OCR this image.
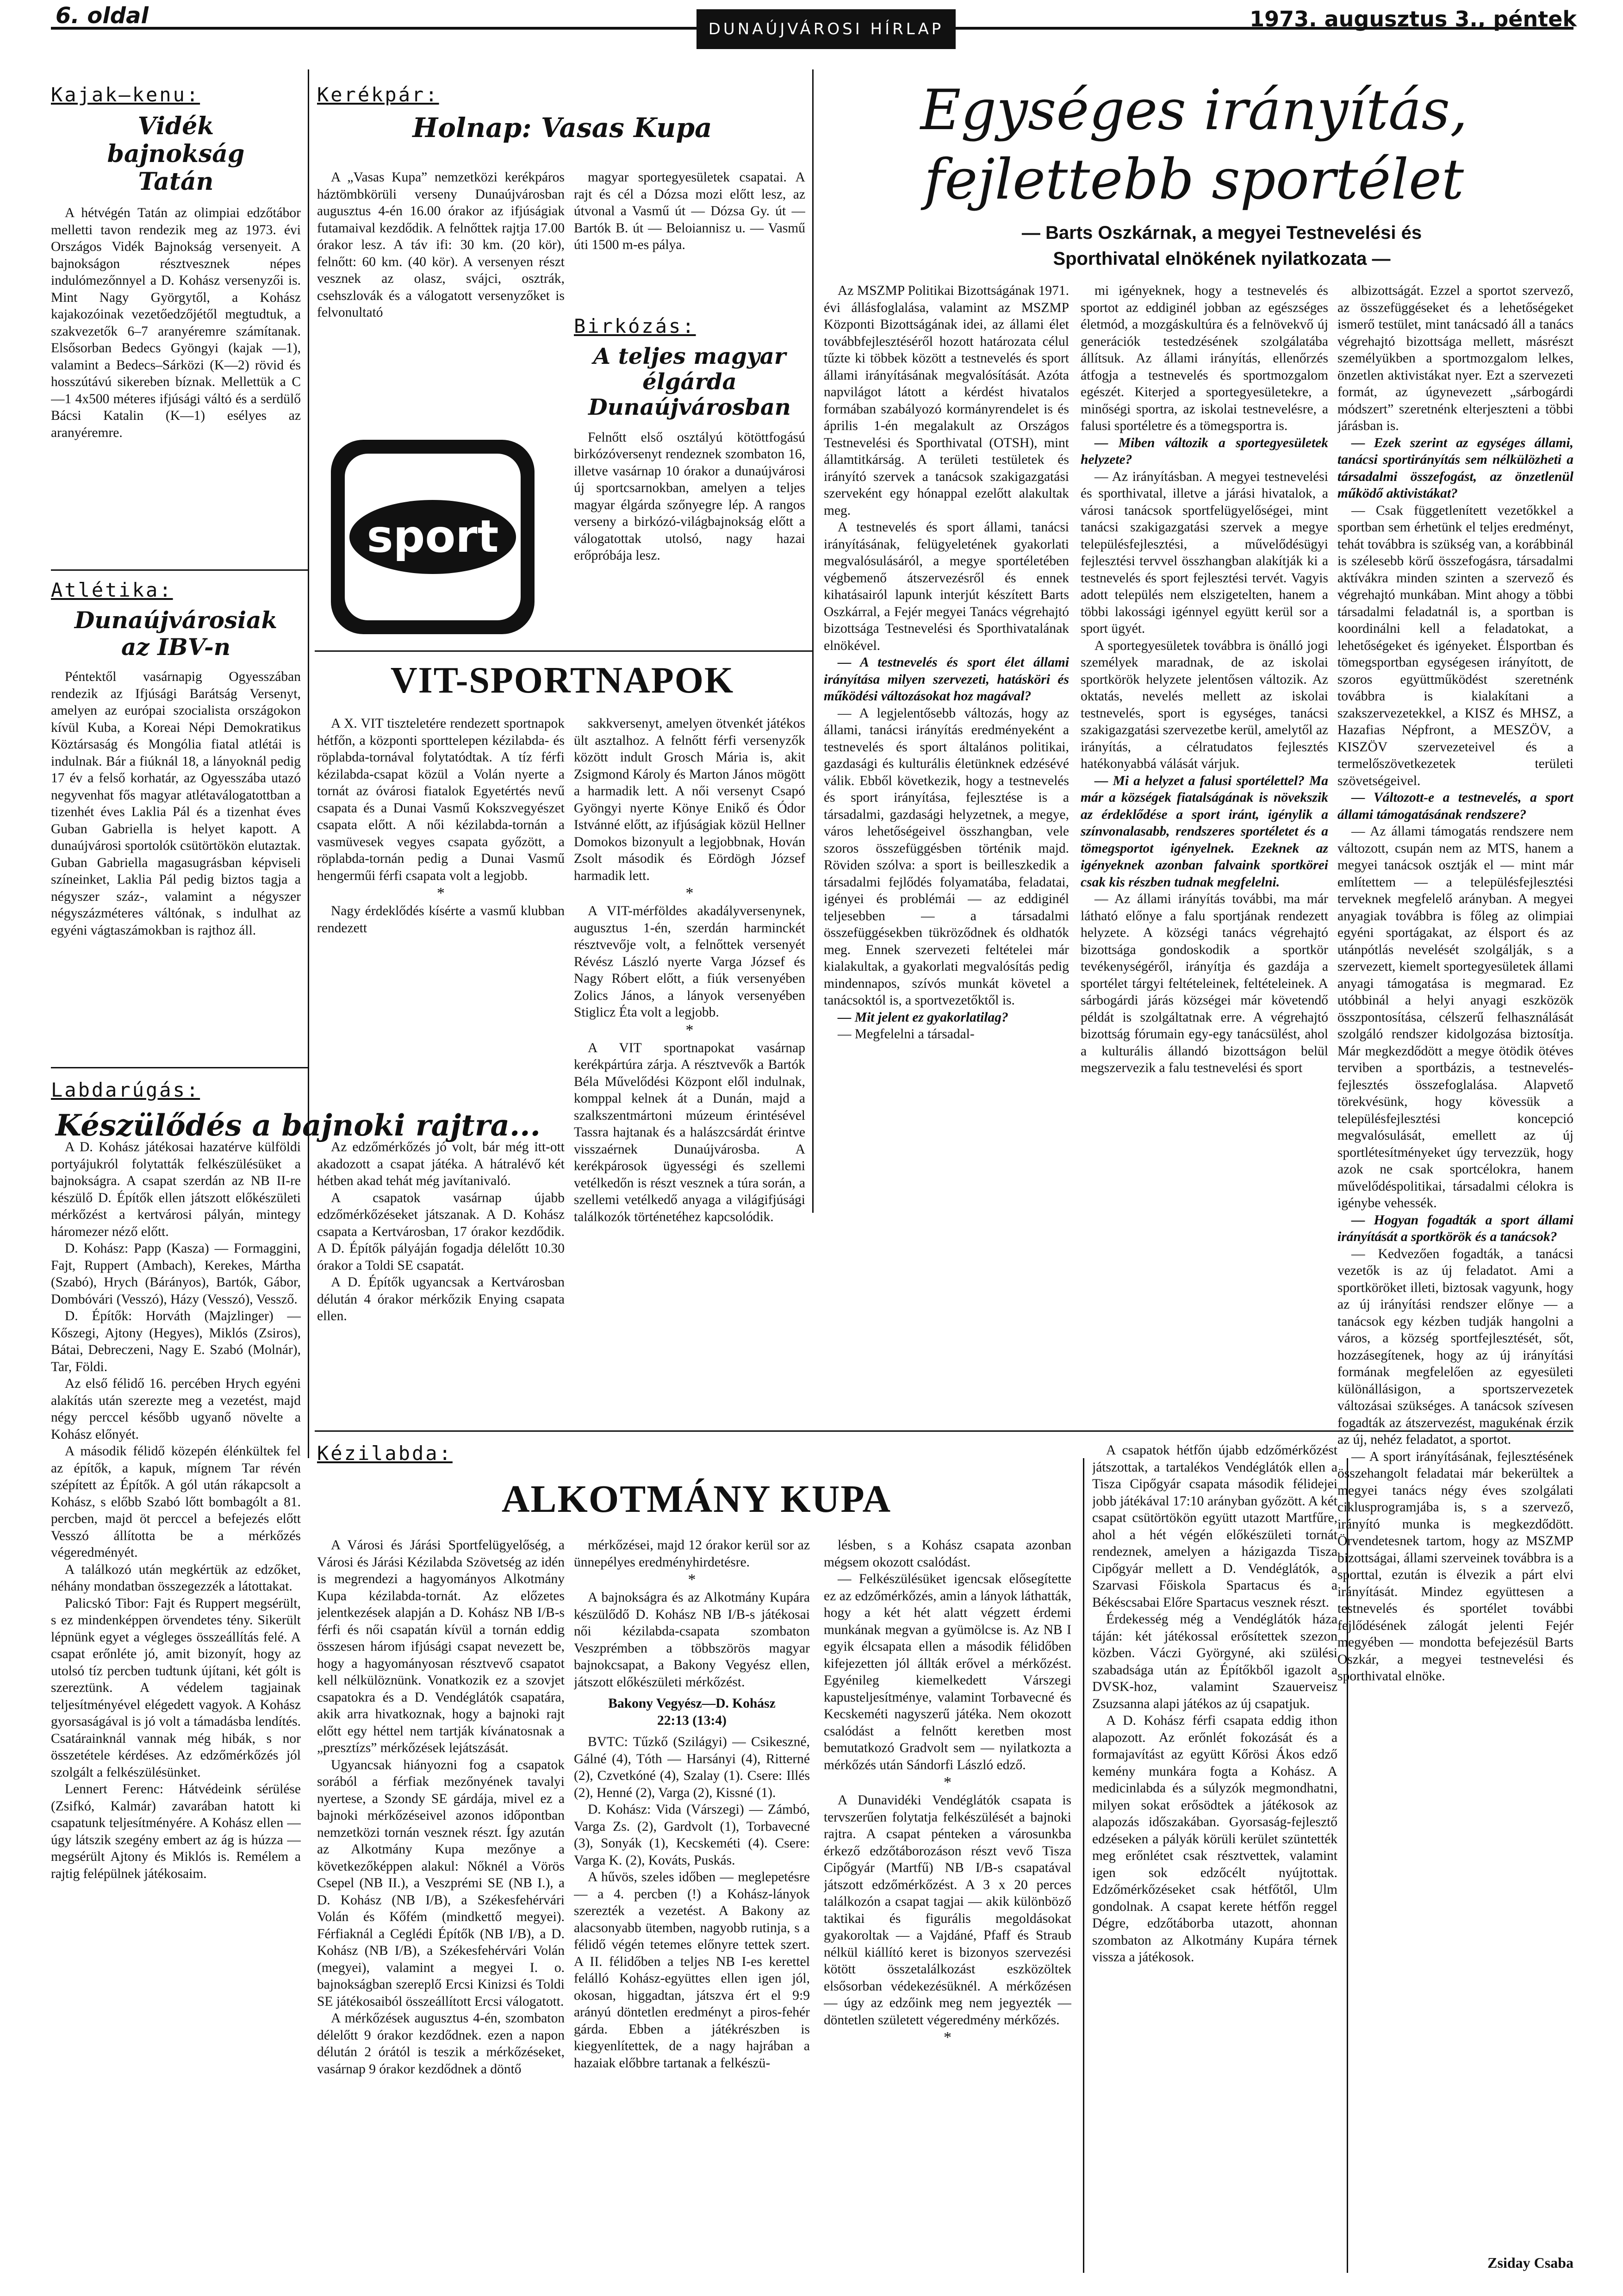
6. oldal
DUNAÚJVÁROSI HÍRLAP	1973. augusztus 3., péntek
Kajak–kenu:
Vidék bajnokság Tatán

A hétvégén Tatán az olimpiai edzőtábor melletti tavon rendezik meg az 1973. évi Országos Vidék Bajnokság versenyeit. A bajnokságon résztvesznek népes indulómezőnnyel a D. Kohász versenyzői is. Mint Nagy Györgytől, a Kohász kajakozóinak vezetőedzőjétől megtudtuk, a szakvezetők 6–7 aranyéremre számítanak. Elsősorban Bedecs Gyöngyi (kajak —1), valamint a Bedecs–Sárközi (K—2) rövid és hosszútávú sikereben bíznak. Mellettük a C—1 4x500 méteres ifjúsági váltó és a serdülő Bácsi Katalin (K—1) esélyes az aranyéremre.

Atlétika:
Dunaújvárosiak az IBV-n

Péntektől vasárnapig Ogyesszában rendezik az Ifjúsági Barátság Versenyt, amelyen az európai szocialista országokon kívül Kuba, a Koreai Népi Demokratikus Köztársaság és Mongólia fiatal atlétái is indulnak. Bár a fiúknál 18, a lányoknál pedig 17 év a felső korhatár, az Ogyesszába utazó negyvenhat fős magyar atlétaválogatottban a tizenhét éves Laklia Pál és a tizenhat éves Guban Gabriella is helyet kapott. A dunaújvárosi sportolók csütörtökön elutaztak. Guban Gabriella magasugrásban képviseli színeinket, Laklia Pál pedig biztos tagja a négyszer száz-, valamint a négyszer négyszázméteres váltónak, s indulhat az egyéni vágtaszámokban is rajthoz áll.

Labdarúgás:
Készülődés a bajnoki rajtra...

A D. Kohász játékosai hazatérve külföldi portyájukról folytatták felkészülésüket a bajnokságra. A csapat szerdán az NB II-re készülő D. Építők ellen játszott előkészületi mérkőzést a kertvárosi pályán, mintegy háromezer néző előtt.

D. Kohász: Papp (Kasza) — Formaggini, Fajt, Ruppert (Ambach), Kerekes, Mártha (Szabó), Hrych (Bárányos), Bartók, Gábor, Dombóvári (Vesszó), Házy (Vesszó), Vessző.

D. Építők: Horváth (Majzlinger) — Kőszegi, Ajtony (Hegyes), Miklós (Zsiros), Bátai, Debreczeni, Nagy E. Szabó (Molnár), Tar, Földi.

Az első félidő 16. percében Hrych egyéni alakítás után szerezte meg a vezetést, majd négy perccel később ugyanő növelte a Kohász előnyét.

A második félidő közepén élénkültek fel az építők, a kapuk, mígnem Tar révén szépített az Építők. A gól után rákapcsolt a Kohász, s előbb Szabó lőtt bombagólt a 81. percben, majd öt perccel a befejezés előtt Vesszó állította be a mérkőzés végeredményét.

A találkozó után megkértük az edzőket, néhány mondatban összegezzék a látottakat.

Palicskó Tibor: Fajt és Ruppert megsérült, s ez mindenképpen örvendetes tény. Sikerült lépnünk egyet a végleges összeállítás felé. A csapat erőnléte jó, amit bizonyít, hogy az utolsó tíz percben tudtunk újítani, két gólt is szereztünk. A védelem tagjainak teljesítményével elégedett vagyok. A Kohász gyorsaságával is jó volt a támadásba lendítés. Csatárainknál vannak még hibák, s nor összetétele kérdéses. Az edzőmérkőzés jól szolgált a felkészülésünket.

Lennert Ferenc: Hátvédeink sérülése (Zsifkó, Kalmár) zavarában hatott ki csapatunk teljesítményére. A Kohász ellen — úgy látszik szegény embert az ág is húzza — megsérült Ajtony és Miklós is. Remélem a rajtig felépülnek játékosaim.

Az edzőmérkőzés jó volt, bár még itt-ott akadozott a csapat játéka. A hátralévő két hétben akad tehát még javítanivaló.

A csapatok vasárnap újabb edzőmérkőzéseket játszanak. A D. Kohász csapata a Kertvárosban, 17 órakor kezdődik. A D. Építők pályáján fogadja délelőtt 10.30 órakor a Toldi SE csapatát.

A D. Építők ugyancsak a Kertvárosban délután 4 órakor mérkőzik Enying csapata ellen.

Kerékpár:
Holnap: Vasas Kupa

A „Vasas Kupa” nemzetközi kerékpáros háztömbkörüli verseny Dunaújvárosban augusztus 4-én 16.00 órakor az ifjúságiak futamaival kezdődik. A felnőttek rajtja 17.00 órakor lesz. A táv ifi: 30 km. (20 kör), felnőtt: 60 km. (40 kör). A versenyen részt vesznek az olasz, svájci, osztrák, csehszlovák és a válogatott versenyzőket is felvonultató

magyar sportegyesületek csapatai. A rajt és cél a Dózsa mozi előtt lesz, az útvonal a Vasmű út — Dózsa Gy. út — Bartók B. út — Beloiannisz u. — Vasmű úti 1500 m-es pálya.

sport
Birkózás:
A teljes magyar élgárda Dunaújvárosban

Felnőtt első osztályú kötöttfogású birkózóversenyt rendeznek szombaton 16, illetve vasárnap 10 órakor a dunaújvárosi új sportcsarnokban, amelyen a teljes magyar élgárda szőnyegre lép. A rangos verseny a birkózó-világbajnokság előtt a válogatottak utolsó, nagy hazai erőpróbája lesz.

VIT-SPORTNAPOK

A X. VIT tiszteletére rendezett sportnapok hétfőn, a központi sporttelepen kézilabda- és röplabda-tornával folytatódtak. A tíz férfi kézilabda-csapat közül a Volán nyerte a tornát az óvárosi fiatalok Egyetértés nevű csapata és a Dunai Vasmű Kokszvegyészet csapata előtt. A női kézilabda-tornán a vasmüvesek vegyes csapata győzött, a röplabda-tornán pedig a Dunai Vasmű hengerműi férfi csapata volt a legjobb.

*

Nagy érdeklődés kísérte a vasmű klubban rendezett

sakkversenyt, amelyen ötvenkét játékos ült asztalhoz. A felnőtt férfi versenyzők között indult Grosch Mária is, akit Zsigmond Károly és Marton János mögött a harmadik lett. A női versenyt Csapó Gyöngyi nyerte Könye Enikő és Ódor Istvánné előtt, az ifjúságiak közül Hellner Domokos bizonyult a legjobbnak, Hován Zsolt második és Eördögh József harmadik lett.

*

A VIT-mérföldes akadályversenynek, augusztus 1-én, szerdán harminckét résztvevője volt, a felnőttek versenyét Révész László nyerte Varga József és Nagy Róbert előtt, a fiúk versenyében Zolics János, a lányok versenyében Stiglicz Éta volt a legjobb.

*

A VIT sportnapokat vasárnap kerékpártúra zárja. A résztvevők a Bartók Béla Művelődési Központ elől indulnak, komppal kelnek át a Dunán, majd a szalkszentmártoni múzeum érintésével Tassra hajtanak és a halászcsárdát érintve visszaérnek Dunaújvárosba. A kerékpárosok ügyességi és szellemi vetélkedőn is részt vesznek a túra során, a szellemi vetélkedő anyaga a világifjúsági találkozók történetéhez kapcsolódik.

Egységes irányítás,
fejlettebb sportélet
— Barts Oszkárnak, a megyei Testnevelési és Sporthivatal elnökének nyilatkozata —

Az MSZMP Politikai Bizottságának 1971. évi állásfoglalása, valamint az MSZMP Központi Bizottságának idei, az állami élet továbbfejlesztéséről hozott határozata célul tűzte ki többek között a testnevelés és sport állami irányításának megvalósítását. Azóta napvilágot látott a kérdést hivatalos formában szabályozó kormányrendelet is és április 1-én megalakult az Országos Testnevelési és Sporthivatal (OTSH), mint államtitkárság. A területi testületek és irányító szervek a tanácsok szakigazgatási szerveként egy hónappal ezelőtt alakultak meg.

A testnevelés és sport állami, tanácsi irányításának, felügyeletének gyakorlati megvalósulásáról, a megye sportéletében végbemenő átszervezésről és ennek kihatásairól lapunk interjút készített Barts Oszkárral, a Fejér megyei Tanács végrehajtó bizottsága Testnevelési és Sporthivatalának elnökével.

— A testnevelés és sport élet állami irányítása milyen szervezeti, hatásköri és működési változásokat hoz magával?

— A legjelentősebb változás, hogy az állami, tanácsi irányítás eredményeként a testnevelés és sport általános politikai, gazdasági és kulturális életünknek edzésévé válik. Ebből következik, hogy a testnevelés és sport irányítása, fejlesztése is a társadalmi, gazdasági helyzetnek, a megye, város lehetőségeivel összhangban, vele szoros összefüggésben történik majd. Röviden szólva: a sport is beilleszkedik a társadalmi fejlődés folyamatába, feladatai, igényei és problémái — az eddiginél teljesebben — a társadalmi összefüggésekben tükröződnek és oldhatók meg. Ennek szervezeti feltételei már kialakultak, a gyakorlati megvalósítás pedig mindennapos, szívós munkát követel a tanácsoktól is, a sportvezetőktől is.

— Mit jelent ez gyakorlatilag?

— Megfelelni a társadal-

mi igényeknek, hogy a testnevelés és sportot az eddiginél jobban az egészséges életmód, a mozgáskultúra és a felnövekvő új generációk testedzésének szolgálatába állítsuk. Az állami irányítás, ellenőrzés átfogja a testnevelés és sportmozgalom egészét. Kiterjed a sportegyesületekre, a minőségi sportra, az iskolai testnevelésre, a falusi sportéletre és a tömegsportra is.

— Miben változik a sportegyesületek helyzete?

— Az irányításban. A megyei testnevelési és sporthivatal, illetve a járási hivatalok, a városi tanácsok sportfelügyelőségei, mint tanácsi szakigazgatási szervek a megye településfejlesztési, a művelődésügyi fejlesztési tervvel összhangban alakítják ki a testnevelés és sport fejlesztési tervét. Vagyis adott település nem elszigetelten, hanem a többi lakossági igénnyel együtt kerül sor a sport ügyét.

A sportegyesületek továbbra is önálló jogi személyek maradnak, de az iskolai sportkörök helyzete jelentősen változik. Az oktatás, nevelés mellett az iskolai testnevelés, sport is egységes, tanácsi szakigazgatási szervezetbe kerül, amelytől az irányítás, a célratudatos fejlesztés hatékonyabbá válását várjuk.

— Mi a helyzet a falusi sportélettel? Ma már a községek fiatalságának is növekszik az érdeklődése a sport iránt, igénylik a színvonalasabb, rendszeres sportéletet és a tömegsportot igényelnek. Ezeknek az igényeknek azonban falvaink sportkörei csak kis részben tudnak megfelelni.

— Az állami irányítás további, ma már látható előnye a falu sportjának rendezett helyzete. A községi tanács végrehajtó bizottsága gondoskodik a sportkör tevékenységéről, irányítja és gazdája a sportélet tárgyi feltételeinek, feltételeinek. A sárbogárdi járás községei már követendő példát is szolgáltatnak erre. A végrehajtó bizottság fórumain egy-egy tanácsülést, ahol a kulturális állandó bizottságon belül megszervezik a falu testnevelési és sport

albizottságát. Ezzel a sportot szervező, az összefüggéseket és a lehetőségeket ismerő testület, mint tanácsadó áll a tanács végrehajtó bizottsága mellett, másrészt személyükben a sportmozgalom lelkes, önzetlen aktivistákat nyer. Ezt a szervezeti formát, az úgynevezett „sárbogárdi módszert” szeretnénk elterjeszteni a többi járásban is.

— Ezek szerint az egységes állami, tanácsi sportirányítás sem nélkülözheti a társadalmi összefogást, az önzetlenül működő aktivistákat?

— Csak függetlenített vezetőkkel a sportban sem érhetünk el teljes eredményt, tehát továbbra is szükség van, a korábbinál is szélesebb körű összefogásra, társadalmi aktívákra minden szinten a szervező és végrehajtó munkában. Mint ahogy a többi társadalmi feladatnál is, a sportban is koordinálni kell a feladatokat, a lehetőségeket és igényeket. Élsportban és tömegsportban egységesen irányított, de szoros együttműködést szeretnénk továbbra is kialakítani a szakszervezetekkel, a KISZ és MHSZ, a Hazafias Népfront, a MESZÖV, a KISZÖV szervezeteivel és a termelőszövetkezetek területi szövetségeivel.

— Változott-e a testnevelés, a sport állami támogatásának rendszere?

— Az állami támogatás rendszere nem változott, csupán nem az MTS, hanem a megyei tanácsok osztják el — mint már említettem — a településfejlesztési terveknek megfelelő arányban. A megyei anyagiak továbbra is főleg az olimpiai egyéni sportágakat, az élsport és az utánpótlás nevelését szolgálják, s a szervezett, kiemelt sportegyesületek állami anyagi támogatása is megmarad. Ez utóbbinál a helyi anyagi eszközök összpontosítása, célszerű felhasználását szolgáló rendszer kidolgozása biztosítja. Már megkezdődött a megye ötödik ötéves terviben a sportbázis, a testnevelés-fejlesztés összefoglalása. Alapvető törekvésünk, hogy kövessük a településfejlesztési koncepció megvalósulását, emellett az új sportlétesítményeket úgy tervezzük, hogy azok ne csak sportcélokra, hanem művelődéspolitikai, társadalmi célokra is igénybe vehessék.

— Hogyan fogadták a sport állami irányítását a sportkörök és a tanácsok?

— Kedvezően fogadták, a tanácsi vezetők is az új feladatot. Ami a sportköröket illeti, biztosak vagyunk, hogy az új irányítási rendszer előnye — a tanácsok egy kézben tudják hangolni a város, a község sportfejlesztését, sőt, hozzásegítenek, hogy az új irányítási formának megfelelően az egyesületi különállásigon, a sportszervezetek változásai szükséges. A tanácsok szívesen fogadták az átszervezést, magukénak érzik az új, nehéz feladatot, a sportot.

— A sport irányításának, fejlesztésének összehangolt feladatai már bekerültek a megyei tanács négy éves szolgálati ciklusprogramjába is, s a szervező, irányító munka is megkezdődött. Örvendetesnek tartom, hogy az MSZMP bizottságai, állami szerveinek továbbra is a sporttal, ezután is élvezik a párt elvi irányítását. Mindez együttesen a testnevelés és sportélet további fejlődésének zálogát jelenti Fejér megyében — mondotta befejezésül Barts Oszkár, a megyei testnevelési és sporthivatal elnöke.

Kézilabda:
ALKOTMÁNY KUPA

A Városi és Járási Sportfelügyelőség, a Városi és Járási Kézilabda Szövetség az idén is megrendezi a hagyományos Alkotmány Kupa kézilabda-tornát. Az előzetes jelentkezések alapján a D. Kohász NB I/B-s férfi és női csapatán kívül a tornán eddig összesen három ifjúsági csapat nevezett be, hogy a hagyományosan résztvevő csapatot kell nélkülöznünk. Vonatkozik ez a szovjet csapatokra és a D. Vendéglátók csapatára, akik arra hivatkoznak, hogy a bajnoki rajt előtt egy héttel nem tartják kívánatosnak a „presztízs” mérkőzések lejátszását.

Ugyancsak hiányozni fog a csapatok sorából a férfiak mezőnyének tavalyi nyertese, a Szondy SE gárdája, mivel ez a bajnoki mérkőzéseivel azonos időpontban nemzetközi tornán vesznek részt. Így azután az Alkotmány Kupa mezőnye a következőképpen alakul: Nőknél a Vörös Csepel (NB II.), a Veszprémi SE (NB I.), a D. Kohász (NB I/B), a Székesfehérvári Volán és Kőfém (mindkettő megyei). Férfiaknál a Ceglédi Építők (NB I/B), a D. Kohász (NB I/B), a Székesfehérvári Volán (megyei), valamint a megyei I. o. bajnokságban szereplő Ercsi Kinizsi és Toldi SE játékosaiból összeállított Ercsi válogatott.

A mérkőzések augusztus 4-én, szombaton délelőtt 9 órakor kezdődnek. ezen a napon délután 2 órától is teszik a mérkőzéseket, vasárnap 9 órakor kezdődnek a döntő

mérkőzései, majd 12 órakor kerül sor az ünnepélyes eredményhirdetésre.

*

A bajnokságra és az Alkotmány Kupára készülődő D. Kohász NB I/B-s játékosai női kézilabda-csapata szombaton Veszprémben a többszörös magyar bajnokcsapat, a Bakony Vegyész ellen, játszott előkészületi mérkőzést.

Bakony Vegyész—D. Kohász
22:13 (13:4)

BVTC: Tűzkő (Szilágyi) — Csikeszné, Gálné (4), Tóth — Harsányi (4), Ritterné (2), Czvetkóné (4), Szalay (1). Csere: Illés (2), Henné (2), Varga (2), Kissné (1).

D. Kohász: Vida (Várszegi) — Zámbó, Varga Zs. (2), Gardvolt (1), Torbavecné (3), Sonyák (1), Kecskeméti (4). Csere: Varga K. (2), Kováts, Puskás.

A hűvös, szeles időben — meglepetésre — a 4. percben (!) a Kohász-lányok szerezték a vezetést. A Bakony az alacsonyabb ütemben, nagyobb rutinja, s a félidő végén tetemes előnyre tettek szert. A II. félidőben a teljes NB I-es kerettel felálló Kohász-együttes ellen igen jól, okosan, higgadtan, játszva ért el 9:9 arányú döntetlen eredményt a piros-fehér gárda. Ebben a játékrészben is kiegyenlítettek, de a nagy hajrában a hazaiak előbbre tartanak a felkészü-

lésben, s a Kohász csapata azonban mégsem okozott csalódást.

— Felkészülésüket igencsak elősegítette ez az edzőmérkőzés, amin a lányok láthatták, hogy a két hét alatt végzett érdemi munkának megvan a gyümölcse is. Az NB I egyik élcsapata ellen a második félidőben kifejezetten jól állták erővel a mérkőzést. Egyénileg kiemelkedett Várszegi kapusteljesítménye, valamint Torbavecné és Kecskeméti nagyszerű játéka. Nem okozott csalódást a felnőtt keretben most bemutatkozó Gradvolt sem — nyilatkozta a mérkőzés után Sándorfi László edző.

*

A Dunavidéki Vendéglátók csapata is tervszerűen folytatja felkészülését a bajnoki rajtra. A csapat pénteken a városunkba érkező edzőtáborozáson részt vevő Tisza Cipőgyár (Martfű) NB I/B-s csapatával játszott edzőmérkőzést. A 3 x 20 perces találkozón a csapat tagjai — akik különböző taktikai és figurális megoldásokat gyakoroltak — a Vajdáné, Pfaff és Straub nélkül kiállító keret is bizonyos szervezési kötött összetalálkozást eszközöltek elsősorban védekezésüknél. A mérkőzésen — úgy az edzőink meg nem jegyezték — döntetlen született végeredmény mérkőzés.

*

A csapatok hétfőn újabb edzőmérkőzést játszottak, a tartalékos Vendéglátók ellen a Tisza Cipőgyár csapata második félidejei jobb játékával 17:10 arányban győzött. A két csapat csütörtökön együtt utazott Martfűre, ahol a hét végén előkészületi tornát rendeznek, amelyen a házigazda Tisza Cipőgyár mellett a D. Vendéglátók, a Szarvasi Főiskola Spartacus és a Békéscsabai Előre Spartacus vesznek részt.

Érdekesség még a Vendéglátók háza táján: két játékossal erősítettek szezon közben. Váczi Györgyné, aki szülési szabadsága után az Építőkből igazolt a DVSK-hoz, valamint Szauerveisz Zsuzsanna alapi játékos az új csapatjuk.

A D. Kohász férfi csapata eddig ithon alapozott. Az erőnlét fokozását és a formajavítást az együtt Kőrösi Ákos edző kemény munkára fogta a Kohász. A medicinlabda és a súlyzók megmondhatni, milyen sokat erősödtek a játékosok az alapozás időszakában. Gyorsaság-fejlesztő edzéseken a pályák körüli kerület szüntették meg erőnlétet csak résztvettek, valamint igen sok edzőcélt nyújtottak. Edzőmérkőzéseket csak hétfőtől, Ulm gondolnak. A csapat kerete hétfőn reggel Dégre, edzőtáborba utazott, ahonnan szombaton az Alkotmány Kupára térnek vissza a játékosok.

Zsiday Csaba
